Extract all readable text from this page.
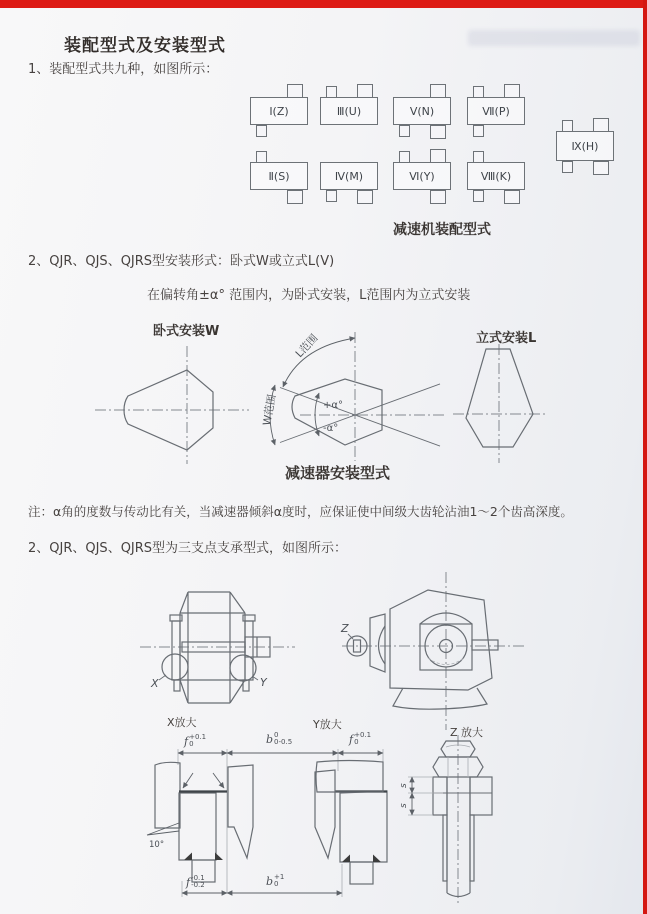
装配型式及安装型式
1、装配型式共九种，如图所示：
Ⅰ(Z)	Ⅲ(U)	Ⅴ(N)	Ⅶ(P)
Ⅸ(H)
Ⅱ(S)	Ⅳ(M)	Ⅵ(Y)	Ⅷ(K)
减速机装配型式
2、QJR、QJS、QJRS型安装形式：卧式W或立式L(V)
在偏转角±α° 范围内，为卧式安装，L范围内为立式安装
卧式安装W	立式安装L
L范围
W范围	+α°
-α°
减速器安装型式
注：α角的度数与传动比有关，当减速器倾斜α度时，应保证使中间级大齿轮沾油1～2个齿高深度。
2、QJR、QJS、QJRS型为三支点支承型式，如图所示：
X	Y
Z
X放大	Y放大
Z 放大
10°
s
s
f +0.1
0	b 0
0-0.5	f +0.1
0
f -0.1
-0.2	b +1
0
